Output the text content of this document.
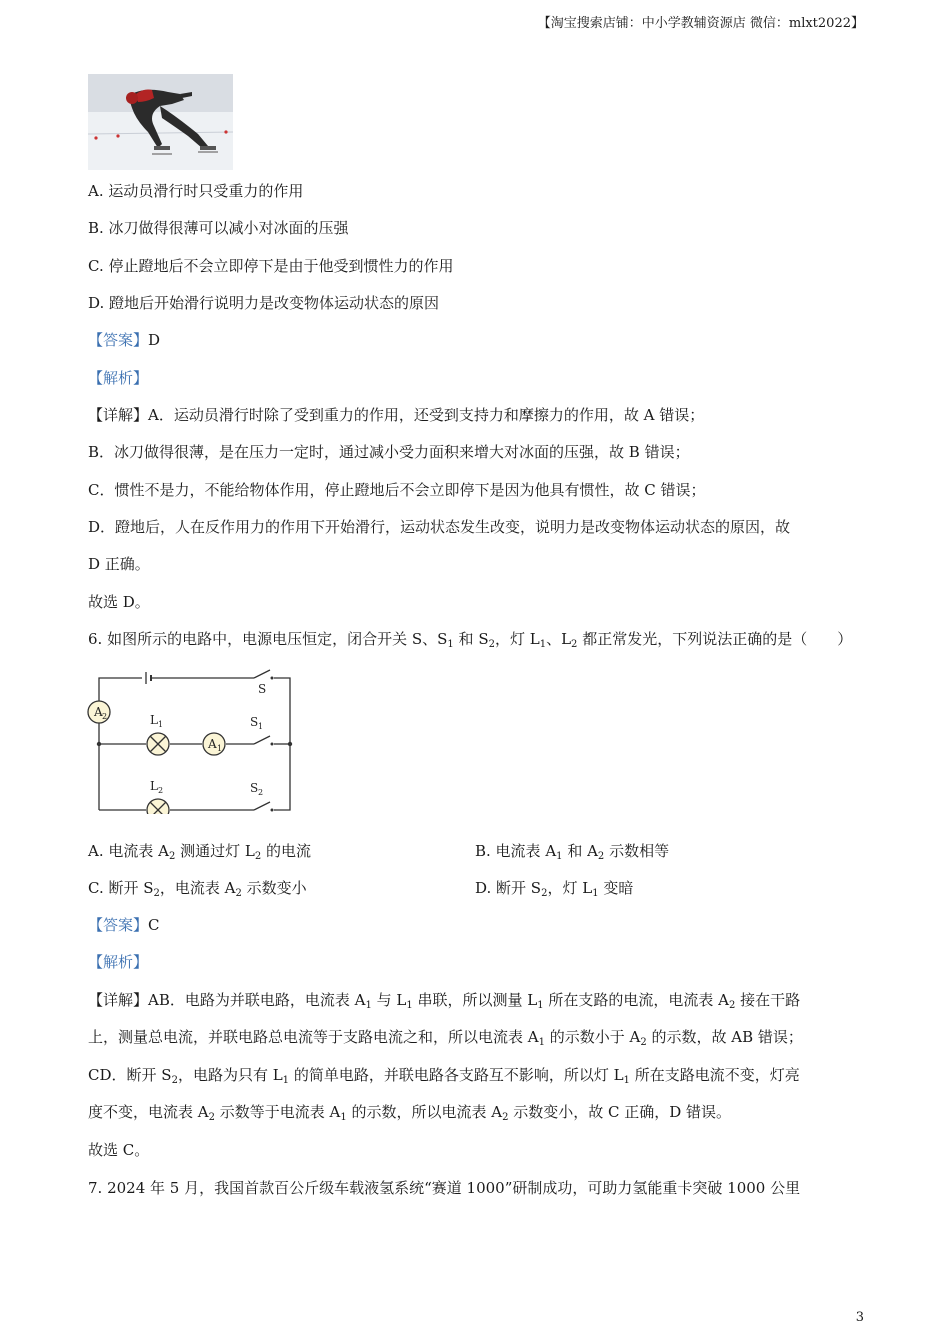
【淘宝搜索店铺：中小学教辅资源店 微信：mlxt2022】
A. 运动员滑行时只受重力的作用
B. 冰刀做得很薄可以减小对冰面的压强
C. 停止蹬地后不会立即停下是由于他受到惯性力的作用
D. 蹬地后开始滑行说明力是改变物体运动状态的原因
【答案】D
【解析】
【详解】A．运动员滑行时除了受到重力的作用，还受到支持力和摩擦力的作用，故 A 错误；
B．冰刀做得很薄，是在压力一定时，通过减小受力面积来增大对冰面的压强，故 B 错误；
C．惯性不是力，不能给物体作用，停止蹬地后不会立即停下是因为他具有惯性，故 C 错误；
D．蹬地后，人在反作用力的作用下开始滑行，运动状态发生改变，说明力是改变物体运动状态的原因，故
D 正确。
故选 D。
6. 如图所示的电路中，电源电压恒定，闭合开关 S、$S_1$ 和 $S_2$，灯 $L_1$、$L_2$ 都正常发光，下列说法正确的是（　　）
A 2	L 1
A 1
L 2
S
S 1
S 2
A. 电流表 $A_2$ 测通过灯 $L_2$ 的电流	B. 电流表 $A_1$ 和 $A_2$ 示数相等
C. 断开 $S_2$，电流表 $A_2$ 示数变小	D. 断开 $S_2$，灯 $L_1$ 变暗
【答案】C
【解析】
【详解】AB．电路为并联电路，电流表 $A_1$ 与 $L_1$ 串联，所以测量 $L_1$ 所在支路的电流，电流表 $A_2$ 接在干路
上，测量总电流，并联电路总电流等于支路电流之和，所以电流表 $A_1$ 的示数小于 $A_2$ 的示数，故 AB 错误；
CD．断开 $S_2$，电路为只有 $L_1$ 的简单电路，并联电路各支路互不影响，所以灯 $L_1$ 所在支路电流不变，灯亮
度不变，电流表 $A_2$ 示数等于电流表 $A_1$ 的示数，所以电流表 $A_2$ 示数变小，故 C 正确，D 错误。
故选 C。
7. 2024 年 5 月，我国首款百公斤级车载液氢系统“赛道 1000”研制成功，可助力氢能重卡突破 1000 公里
3
